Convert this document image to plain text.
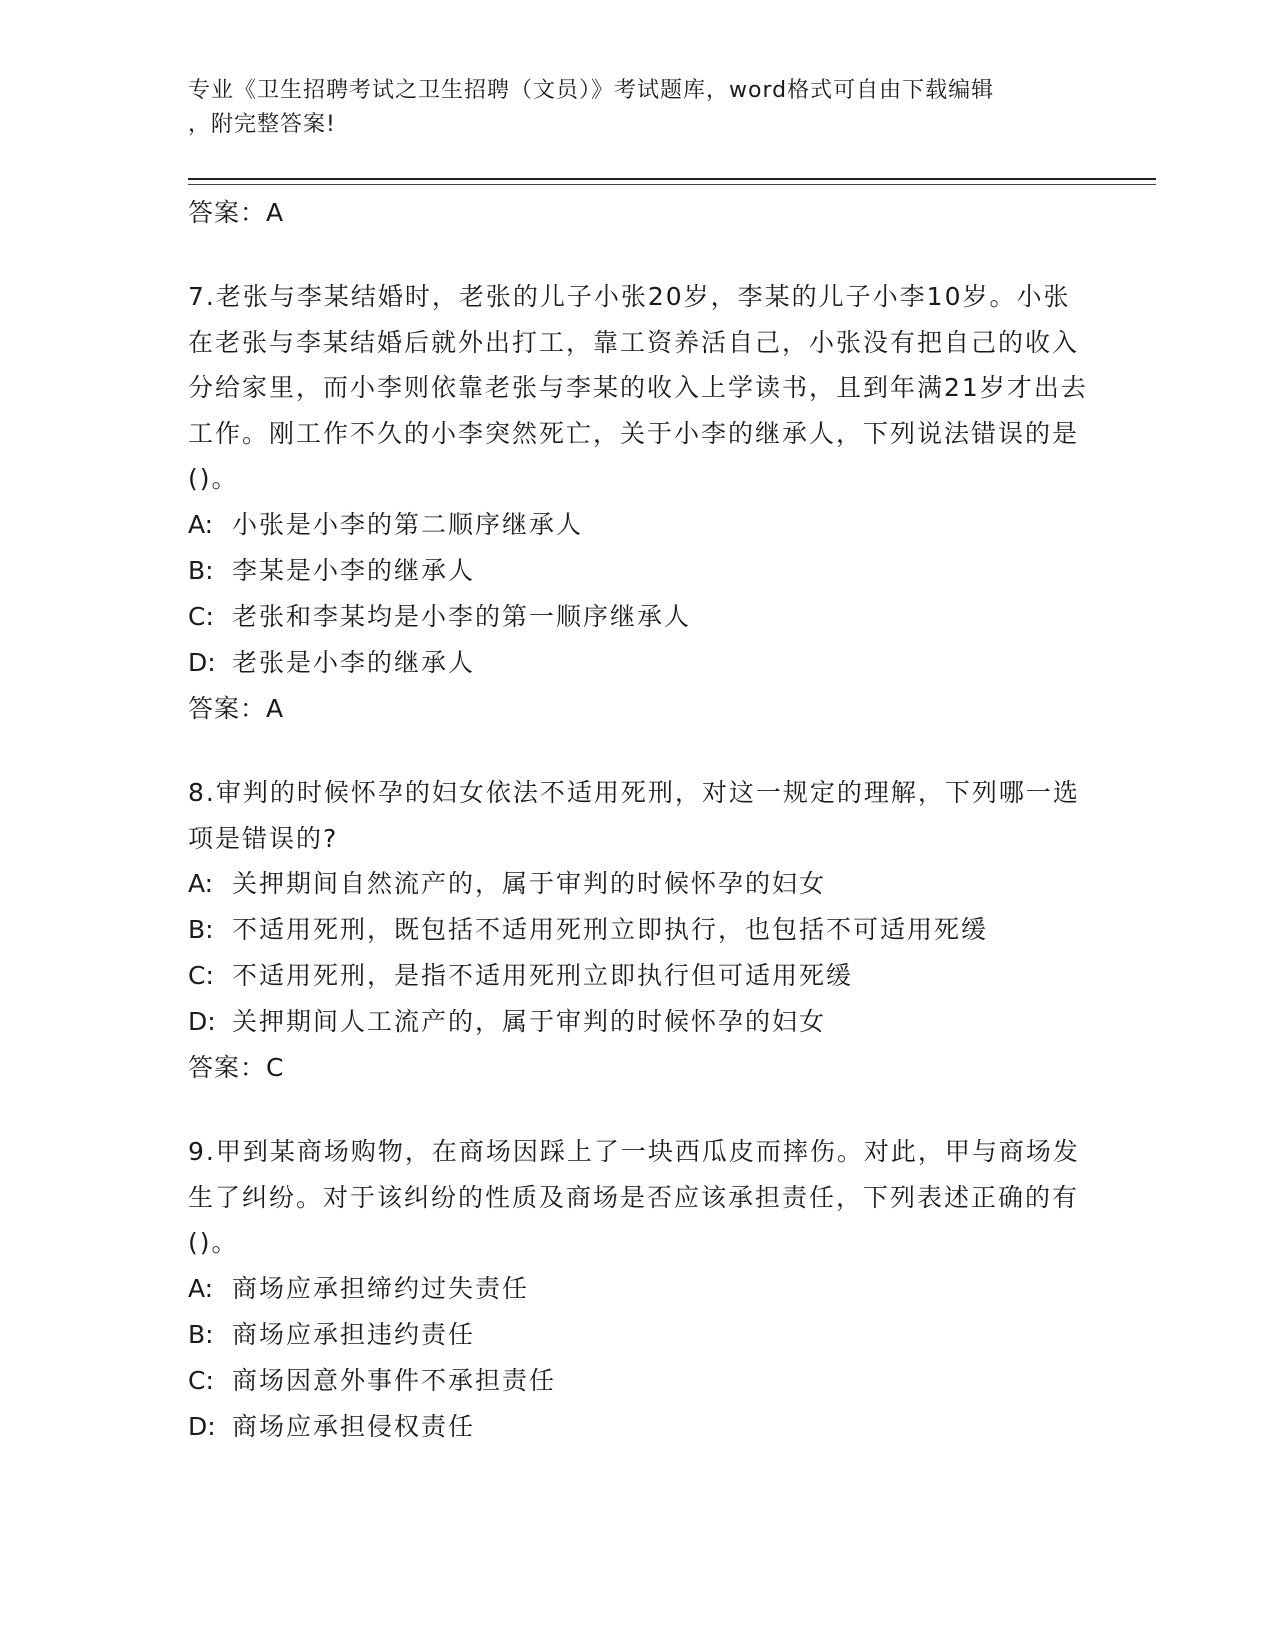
专业《卫生招聘考试之卫生招聘（文员）》考试题库，word格式可自由下载编辑
，附完整答案!
答案：A
7.老张与李某结婚时，老张的儿子小张20岁，李某的儿子小李10岁。小张在老张与李某结婚后就外出打工，靠工资养活自己，小张没有把自己的收入分给家里，而小李则依靠老张与李某的收入上学读书，且到年满21岁才出去工作。刚工作不久的小李突然死亡，关于小李的继承人，下列说法错误的是()。
A: 小张是小李的第二顺序继承人
B: 李某是小李的继承人
C: 老张和李某均是小李的第一顺序继承人
D: 老张是小李的继承人
答案：A
8.审判的时候怀孕的妇女依法不适用死刑，对这一规定的理解，下列哪一选项是错误的?
A: 关押期间自然流产的，属于审判的时候怀孕的妇女
B: 不适用死刑，既包括不适用死刑立即执行，也包括不可适用死缓
C: 不适用死刑，是指不适用死刑立即执行但可适用死缓
D: 关押期间人工流产的，属于审判的时候怀孕的妇女
答案：C
9.甲到某商场购物，在商场因踩上了一块西瓜皮而摔伤。对此，甲与商场发生了纠纷。对于该纠纷的性质及商场是否应该承担责任，下列表述正确的有()。
A: 商场应承担缔约过失责任
B: 商场应承担违约责任
C: 商场因意外事件不承担责任
D: 商场应承担侵权责任
